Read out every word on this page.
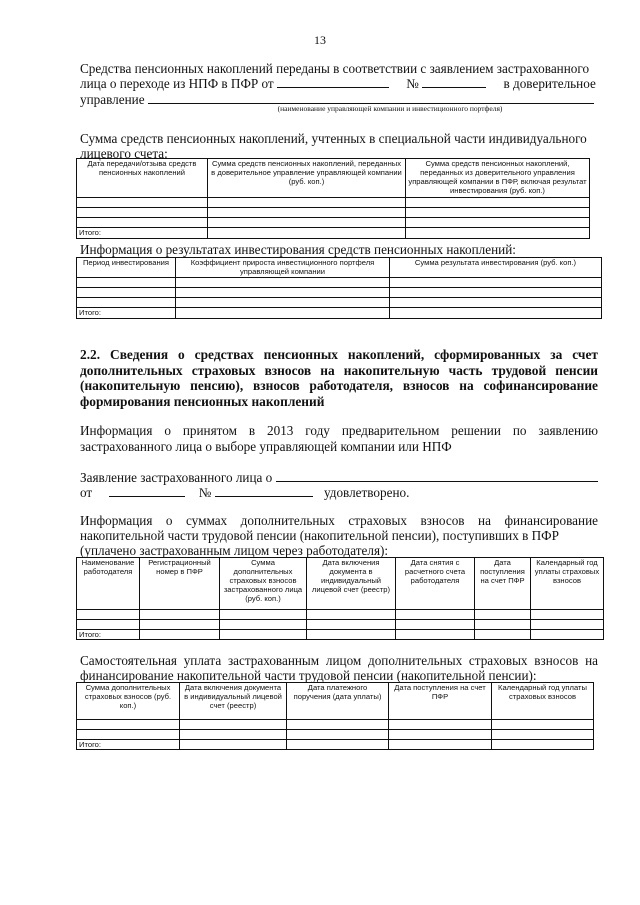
13
Средства пенсионных накоплений переданы в соответствии с заявлением застрахованного
лица о переходе из НПФ в ПФР от	№	в доверительное
управление
(наименование управляющей компании и инвестиционного портфеля)
Сумма средств пенсионных накоплений, учтенных в специальной части индивидуального
лицевого счета:
Дата передачи/отзыва средств пенсионных накоплений	Сумма средств пенсионных накоплений, переданных в доверительное управление управляющей компании (руб. коп.)	Сумма средств пенсионных накоплений, переданных из доверительного управления управляющей компании в ПФР, включая результат инвестирования (руб. коп.)

Итого:		
Информация о результатах инвестирования средств пенсионных накоплений:
Период инвестирования	Коэффициент прироста инвестиционного портфеля управляющей компании	Сумма результата инвестирования (руб. коп.)

Итого:		
2.2. Сведения о средствах пенсионных накоплений, сформированных за счет дополнительных страховых взносов на накопительную часть трудовой пенсии (накопительную пенсию), взносов работодателя, взносов на софинансирование формирования пенсионных накоплений
Информация о принятом в 2013 году предварительном решении по заявлению застрахованного лица о выборе управляющей компании или НПФ
Заявление застрахованного лица о
от	№	удовлетворено.
Информация о суммах дополнительных страховых взносов на финансирование
накопительной части трудовой пенсии (накопительной пенсии), поступивших в ПФР
(уплачено застрахованным лицом через работодателя):
Наименование работодателя	Регистрационный номер в ПФР	Сумма дополнительных страховых взносов застрахованного лица (руб. коп.)	Дата включения документа в индивидуальный лицевой счет (реестр)	Дата снятия с расчетного счета работодателя	Дата поступления на счет ПФР	Календарный год уплаты страховых взносов

Итого:						
Самостоятельная уплата застрахованным лицом дополнительных страховых взносов на
финансирование накопительной части трудовой пенсии (накопительной пенсии):
Сумма дополнительных страховых взносов (руб. коп.)	Дата включения документа в индивидуальный лицевой счет (реестр)	Дата платежного поручения (дата уплаты)	Дата поступления на счет ПФР	Календарный год уплаты страховых взносов

Итого:				
